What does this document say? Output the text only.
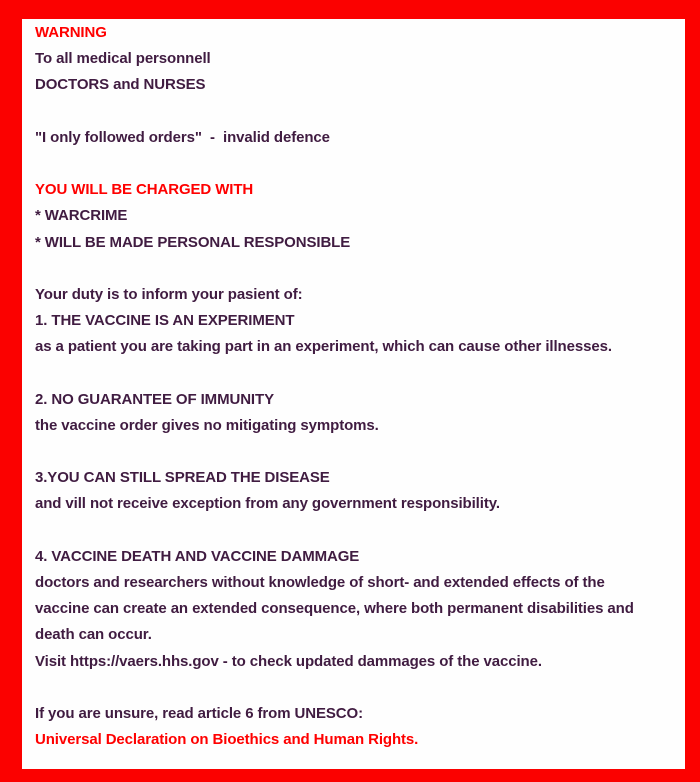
WARNING
To all medical personnell
DOCTORS and NURSES

"I only followed orders"  -  invalid defence

YOU WILL BE CHARGED WITH
* WARCRIME
* WILL BE MADE PERSONAL RESPONSIBLE

Your duty is to inform your pasient of:
1. THE VACCINE IS AN EXPERIMENT
as a patient you are taking part in an experiment, which can cause other illnesses.

2. NO GUARANTEE OF IMMUNITY
the vaccine order gives no mitigating symptoms.

3.YOU CAN STILL SPREAD THE DISEASE
and vill not receive exception from any government responsibility.

4. VACCINE DEATH AND VACCINE DAMMAGE
doctors and researchers without knowledge of short- and extended effects of the
vaccine can create an extended consequence, where both permanent disabilities and
death can occur.
Visit https://vaers.hhs.gov - to check updated dammages of the vaccine.

If you are unsure, read article 6 from UNESCO:
Universal Declaration on Bioethics and Human Rights.
